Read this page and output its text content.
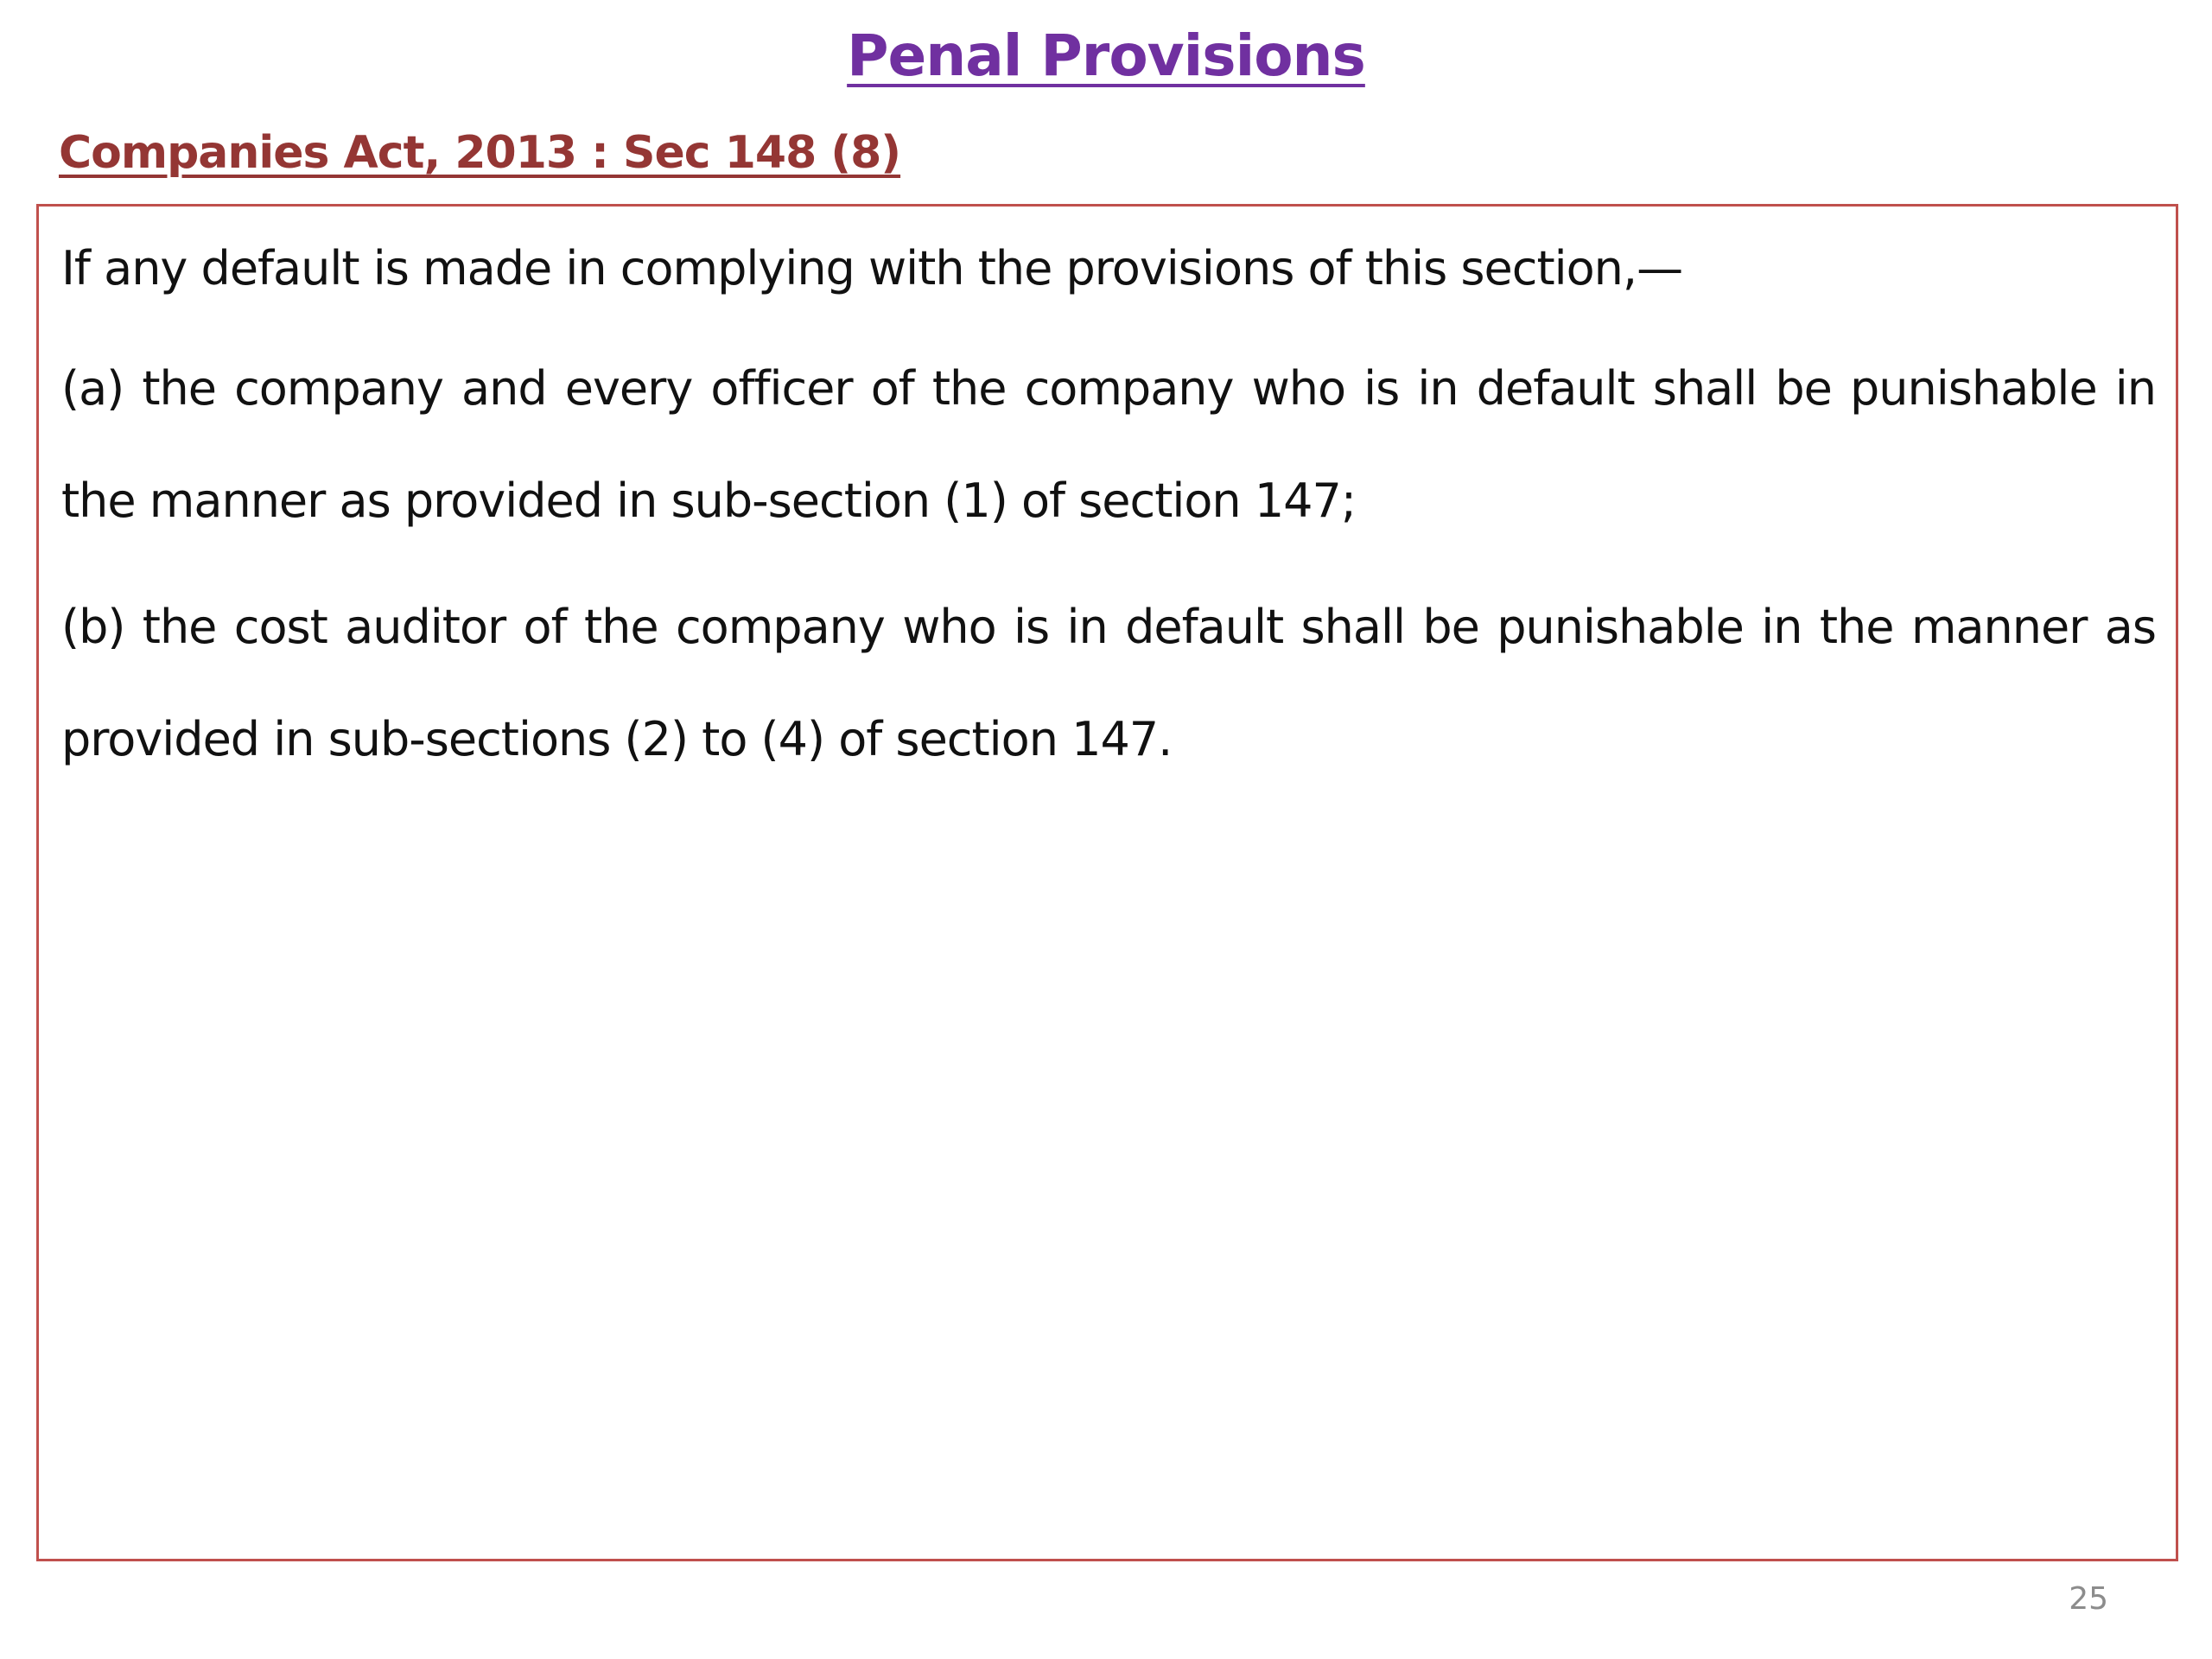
Penal Provisions
Companies Act, 2013 : Sec 148 (8)

If any default is made in complying with the provisions of this section,—

(a) the company and every officer of the company who is in default shall be punishable in the manner as provided in sub-section (1) of section 147;

(b) the cost auditor of the company who is in default shall be punishable in the manner as provided in sub-sections (2) to (4) of section 147.

25
